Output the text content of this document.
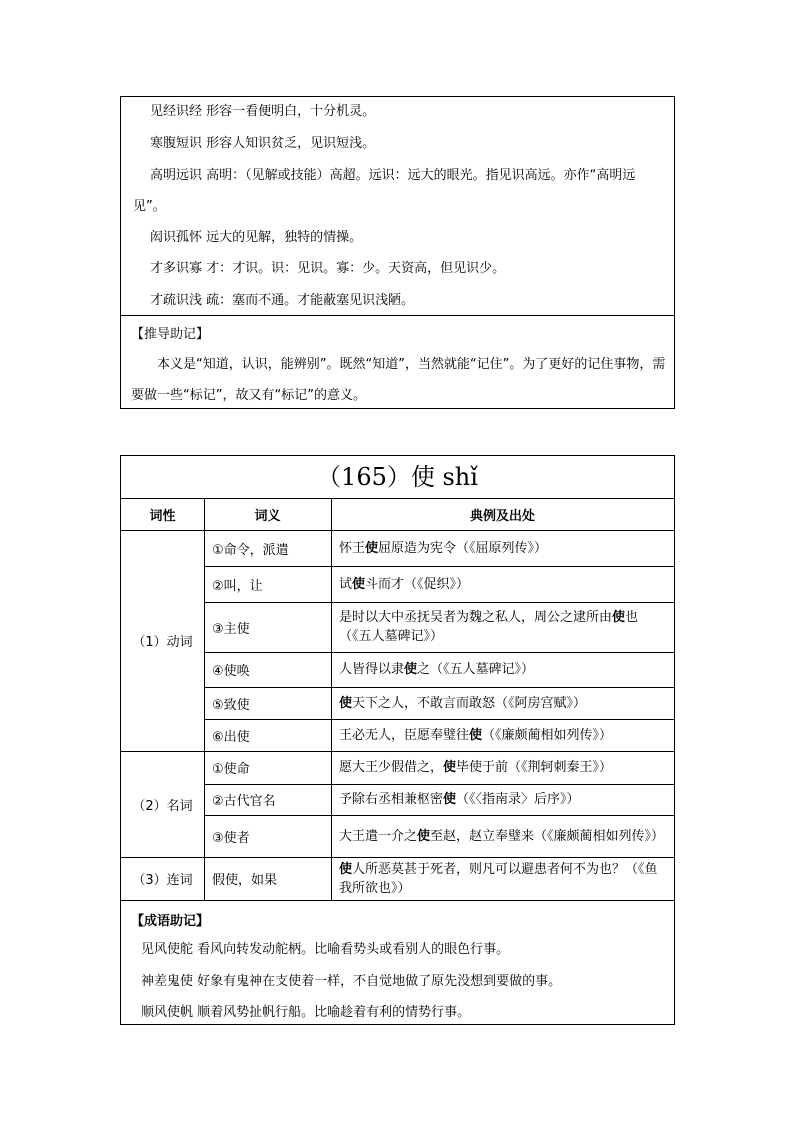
见经识经 形容一看便明白，十分机灵。
寒腹短识 形容人知识贫乏，见识短浅。
高明远识 高明：（见解或技能）高超。远识：远大的眼光。指见识高远。亦作“高明远见”。
闳识孤怀 远大的见解，独特的情操。
才多识寡 才：才识。识：见识。寡：少。天资高，但见识少。
才疏识浅 疏：塞而不通。才能蔽塞见识浅陋。
【推导助记】
本义是“知道，认识，能辨别”。既然“知道”，当然就能“记住”。为了更好的记住事物，需要做一些“标记”，故又有“标记”的意义。
（165）使 shǐ
词性	词义	典例及出处
（1）动词
（2）名词
（3）连词
①命令，派遣
②叫，让
③主使
④使唤
⑤致使
⑥出使
①使命
②古代官名
③使者
假使，如果
怀王使屈原造为宪令（《屈原列传》）
试使斗而才（《促织》）
是时以大中丞抚吴者为魏之私人，周公之逮所由使也（《五人墓碑记》）
人皆得以隶使之（《五人墓碑记》）
使天下之人，不敢言而敢怒（《阿房宫赋》）
王必无人，臣愿奉璧往使（《廉颇蔺相如列传》）
愿大王少假借之，使毕使于前（《荆轲刺秦王》）
予除右丞相兼枢密使（《〈指南录〉后序》）
大王遣一介之使至赵，赵立奉璧来（《廉颇蔺相如列传》）
使人所恶莫甚于死者，则凡可以避患者何不为也？（《鱼我所欲也》）
【成语助记】
见风使舵 看风向转发动舵柄。比喻看势头或看别人的眼色行事。
神差鬼使 好象有鬼神在支使着一样，不自觉地做了原先没想到要做的事。
顺风使帆 顺着风势扯帆行船。比喻趁着有利的情势行事。
